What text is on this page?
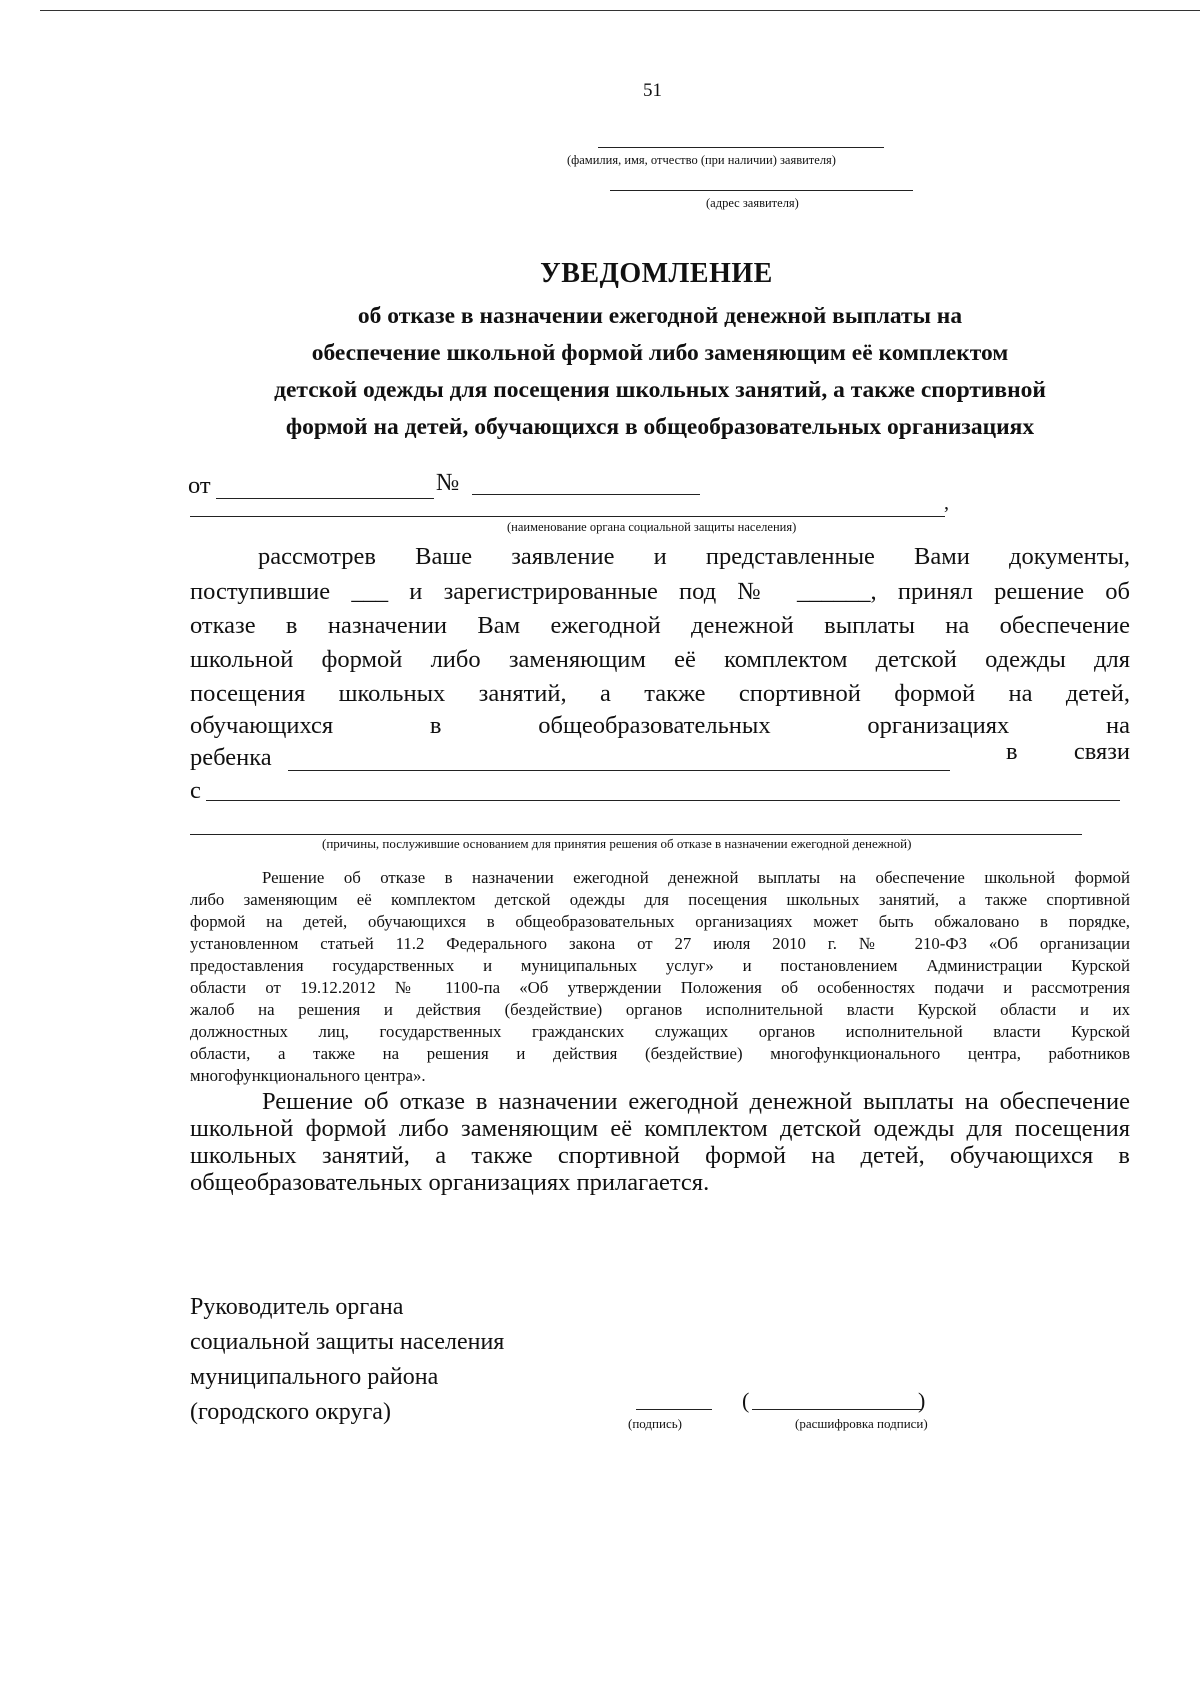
51
(фамилия, имя, отчество (при наличии) заявителя)
(адрес заявителя)
УВЕДОМЛЕНИЕ
об отказе в назначении ежегодной денежной выплаты на
обеспечение школьной формой либо заменяющим её комплектом
детской одежды для посещения школьных занятий, а также спортивной
формой на детей, обучающихся в общеобразовательных организациях
от	№
,
(наименование органа социальной защиты населения)
рассмотрев Ваше заявление и представленные Вами документы,
поступившие ___ и зарегистрированные под № ______, принял решение об
отказе в назначении Вам ежегодной денежной выплаты на обеспечение
школьной формой либо заменяющим её комплектом детской одежды для
посещения школьных занятий, а также спортивной формой на детей,
обучающихся в общеобразовательных организациях на
ребенка	в связи
с
(причины, послужившие основанием для принятия решения об отказе в назначении ежегодной денежной)
Решение об отказе в назначении ежегодной денежной выплаты на обеспечение школьной формой
либо заменяющим её комплектом детской одежды для посещения школьных занятий, а также спортивной
формой на детей, обучающихся в общеобразовательных организациях может быть обжаловано в порядке,
установленном статьей 11.2 Федерального закона от 27 июля 2010 г. № 210-ФЗ «Об организации
предоставления государственных и муниципальных услуг» и постановлением Администрации Курской
области от 19.12.2012 № 1100-па «Об утверждении Положения об особенностях подачи и рассмотрения
жалоб на решения и действия (бездействие) органов исполнительной власти Курской области и их
должностных лиц, государственных гражданских служащих органов исполнительной власти Курской
области, а также на решения и действия (бездействие) многофункционального центра, работников
многофункционального центра».
Решение об отказе в назначении ежегодной денежной выплаты на обеспечение
школьной формой либо заменяющим её комплектом детской одежды для посещения
школьных занятий, а также спортивной формой на детей, обучающихся в
общеобразовательных организациях прилагается.
Руководитель органа
социальной защиты населения
муниципального района
(городского округа)	(подпись)
(	)
(расшифровка подписи)
